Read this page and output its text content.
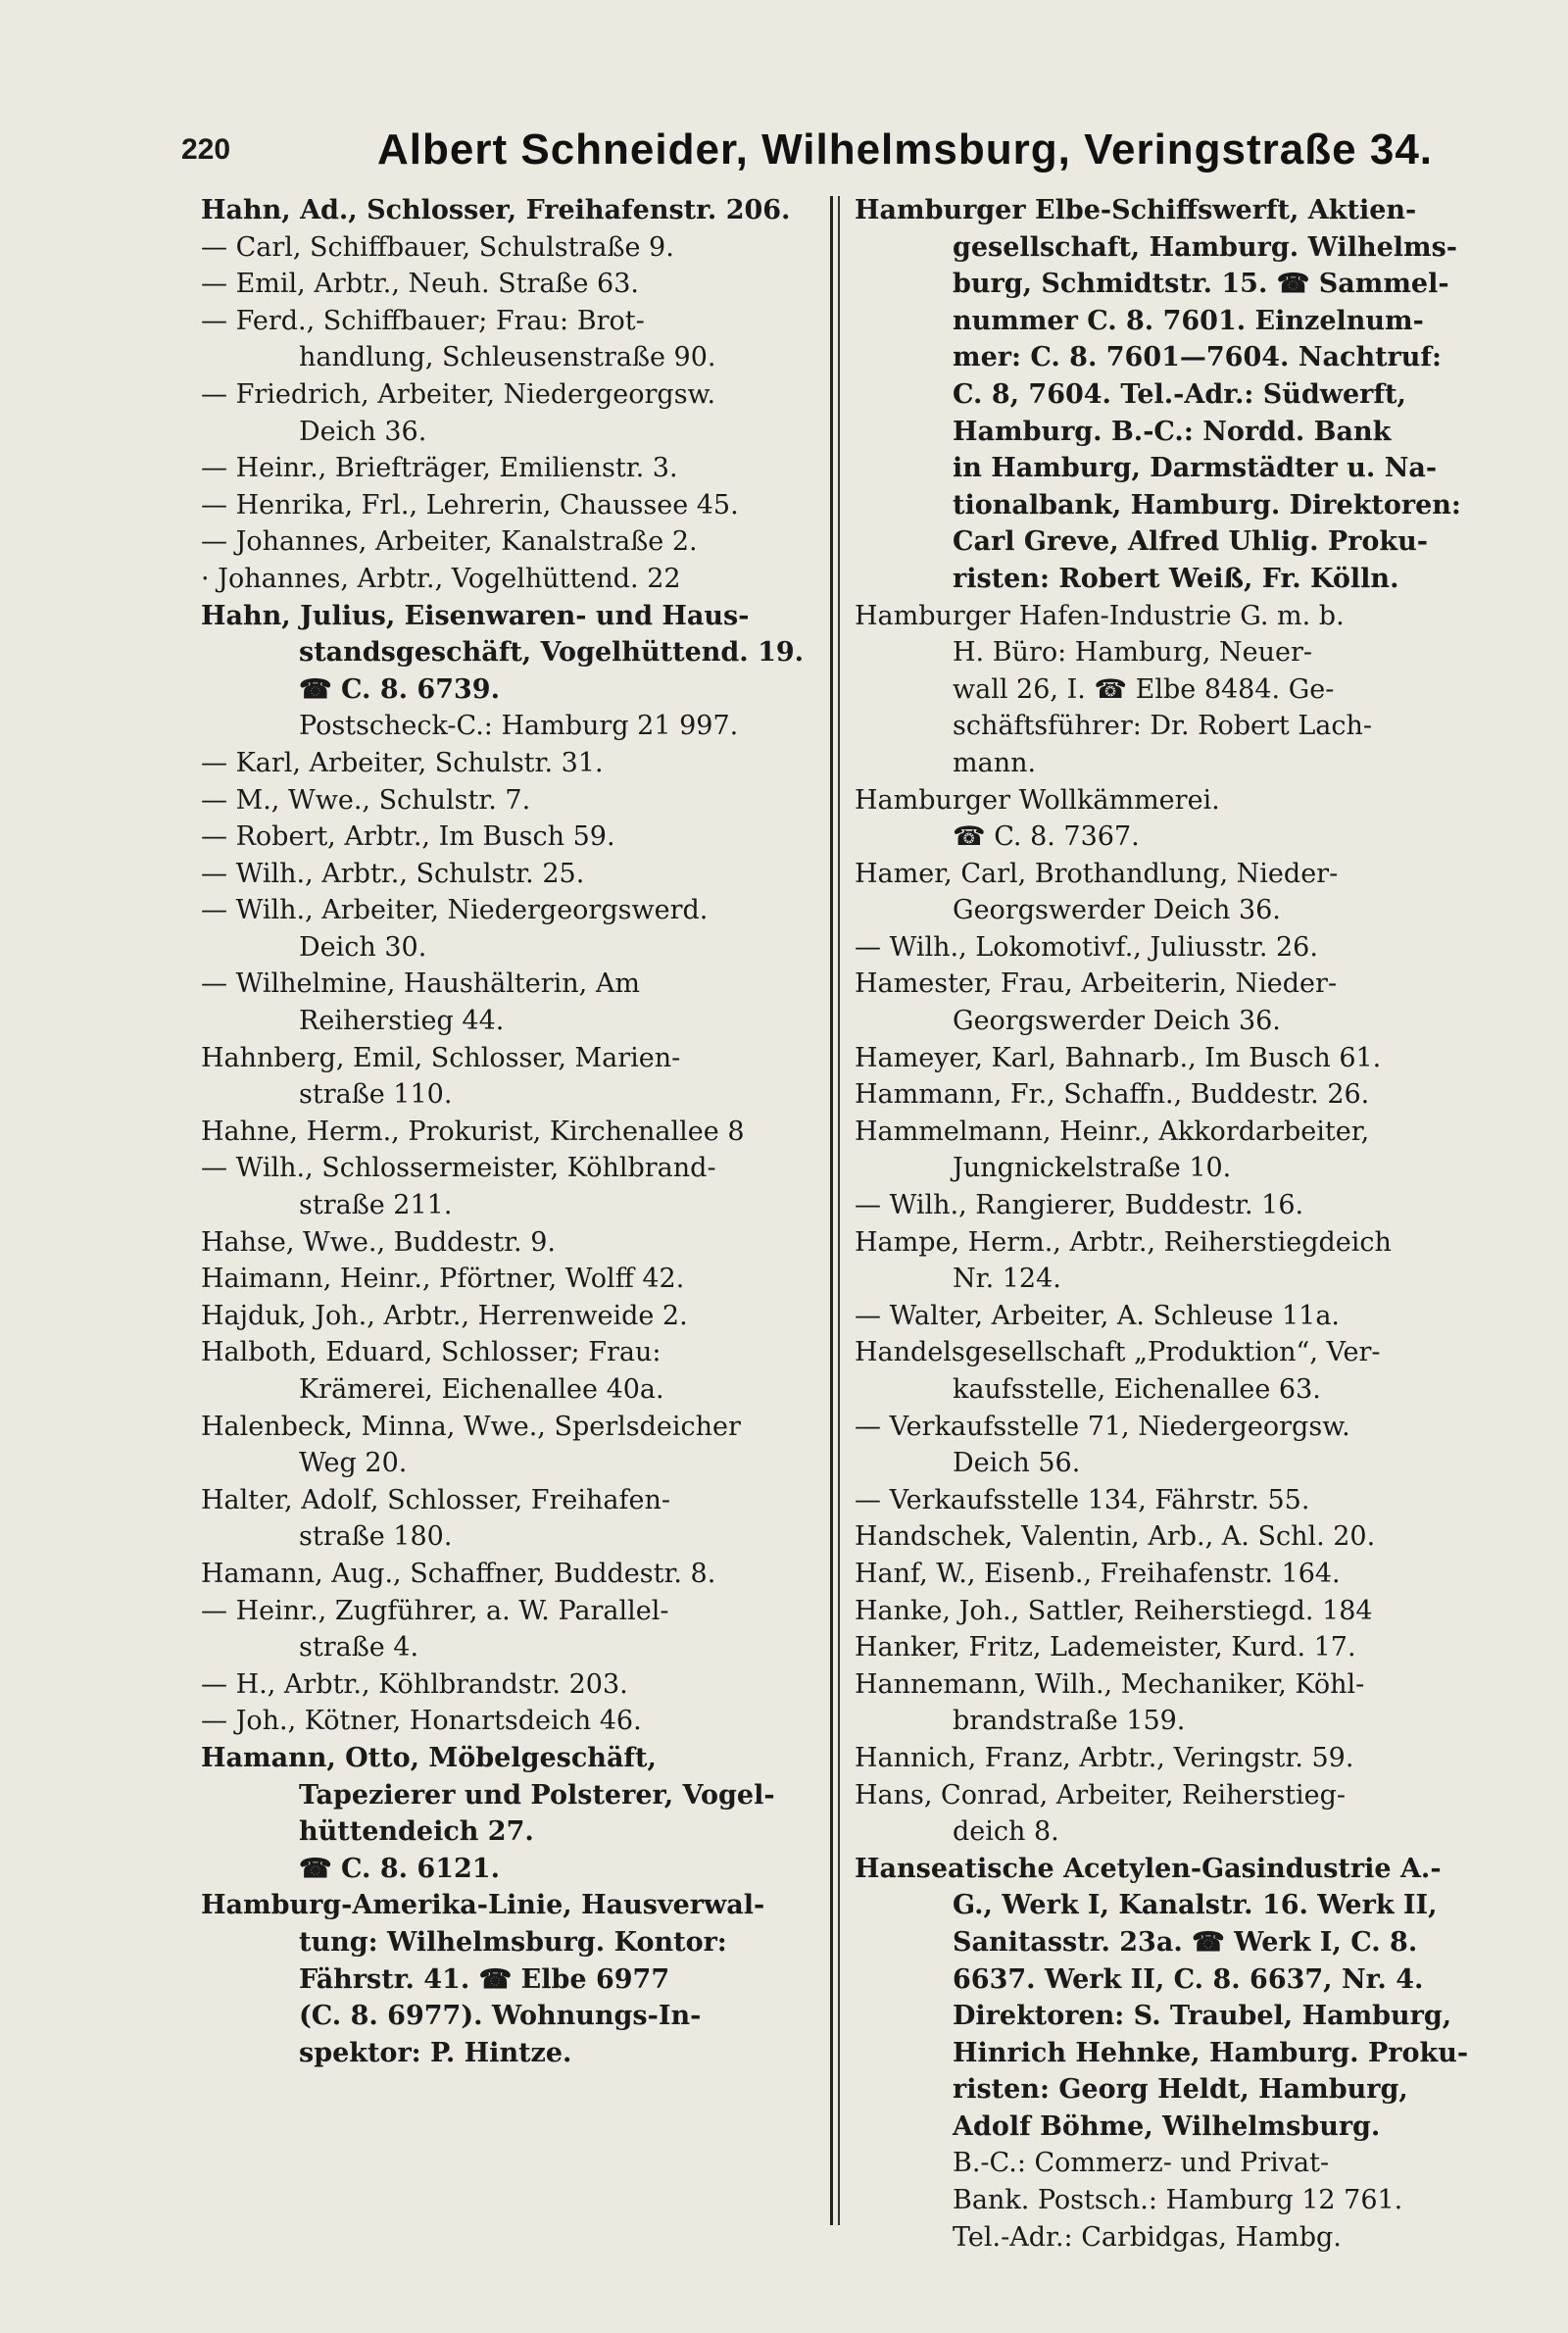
220	Albert Schneider, Wilhelmsburg, Veringstraße 34.
Hahn, Ad., Schlosser, Freihafenstr. 206.
— Carl, Schiffbauer, Schulstraße 9.
— Emil, Arbtr., Neuh. Straße 63.
— Ferd., Schiffbauer; Frau: Brot-
handlung, Schleusenstraße 90.
— Friedrich, Arbeiter, Niedergeorgsw.
Deich 36.
— Heinr., Briefträger, Emilienstr. 3.
— Henrika, Frl., Lehrerin, Chaussee 45.
— Johannes, Arbeiter, Kanalstraße 2.
· Johannes, Arbtr., Vogelhüttend. 22
Hahn, Julius, Eisenwaren- und Haus-
standsgeschäft, Vogelhüttend. 19.
☎ C. 8. 6739.
Postscheck-C.: Hamburg 21 997.
— Karl, Arbeiter, Schulstr. 31.
— M., Wwe., Schulstr. 7.
— Robert, Arbtr., Im Busch 59.
— Wilh., Arbtr., Schulstr. 25.
— Wilh., Arbeiter, Niedergeorgswerd.
Deich 30.
— Wilhelmine, Haushälterin, Am
Reiherstieg 44.
Hahnberg, Emil, Schlosser, Marien-
straße 110.
Hahne, Herm., Prokurist, Kirchenallee 8
— Wilh., Schlossermeister, Köhlbrand-
straße 211.
Hahse, Wwe., Buddestr. 9.
Haimann, Heinr., Pförtner, Wolff 42.
Hajduk, Joh., Arbtr., Herrenweide 2.
Halboth, Eduard, Schlosser; Frau:
Krämerei, Eichenallee 40a.
Halenbeck, Minna, Wwe., Sperlsdeicher
Weg 20.
Halter, Adolf, Schlosser, Freihafen-
straße 180.
Hamann, Aug., Schaffner, Buddestr. 8.
— Heinr., Zugführer, a. W. Parallel-
straße 4.
— H., Arbtr., Köhlbrandstr. 203.
— Joh., Kötner, Honartsdeich 46.
Hamann, Otto, Möbelgeschäft,
Tapezierer und Polsterer, Vogel-
hüttendeich 27.
☎ C. 8. 6121.
Hamburg-Amerika-Linie, Hausverwal-
tung: Wilhelmsburg. Kontor:
Fährstr. 41. ☎ Elbe 6977
(C. 8. 6977). Wohnungs-In-
spektor: P. Hintze.
Hamburger Elbe-Schiffswerft, Aktien-
gesellschaft, Hamburg. Wilhelms-
burg, Schmidtstr. 15. ☎ Sammel-
nummer C. 8. 7601. Einzelnum-
mer: C. 8. 7601—7604. Nachtruf:
C. 8, 7604. Tel.-Adr.: Südwerft,
Hamburg. B.-C.: Nordd. Bank
in Hamburg, Darmstädter u. Na-
tionalbank, Hamburg. Direktoren:
Carl Greve, Alfred Uhlig. Proku-
risten: Robert Weiß, Fr. Kölln.
Hamburger Hafen-Industrie G. m. b.
H. Büro: Hamburg, Neuer-
wall 26, I. ☎ Elbe 8484. Ge-
schäftsführer: Dr. Robert Lach-
mann.
Hamburger Wollkämmerei.
☎ C. 8. 7367.
Hamer, Carl, Brothandlung, Nieder-
Georgswerder Deich 36.
— Wilh., Lokomotivf., Juliusstr. 26.
Hamester, Frau, Arbeiterin, Nieder-
Georgswerder Deich 36.
Hameyer, Karl, Bahnarb., Im Busch 61.
Hammann, Fr., Schaffn., Buddestr. 26.
Hammelmann, Heinr., Akkordarbeiter,
Jungnickelstraße 10.
— Wilh., Rangierer, Buddestr. 16.
Hampe, Herm., Arbtr., Reiherstiegdeich
Nr. 124.
— Walter, Arbeiter, A. Schleuse 11a.
Handelsgesellschaft „Produktion“, Ver-
kaufsstelle, Eichenallee 63.
— Verkaufsstelle 71, Niedergeorgsw.
Deich 56.
— Verkaufsstelle 134, Fährstr. 55.
Handschek, Valentin, Arb., A. Schl. 20.
Hanf, W., Eisenb., Freihafenstr. 164.
Hanke, Joh., Sattler, Reiherstiegd. 184
Hanker, Fritz, Lademeister, Kurd. 17.
Hannemann, Wilh., Mechaniker, Köhl-
brandstraße 159.
Hannich, Franz, Arbtr., Veringstr. 59.
Hans, Conrad, Arbeiter, Reiherstieg-
deich 8.
Hanseatische Acetylen-Gasindustrie A.-
G., Werk I, Kanalstr. 16. Werk II,
Sanitasstr. 23a. ☎ Werk I, C. 8.
6637. Werk II, C. 8. 6637, Nr. 4.
Direktoren: S. Traubel, Hamburg,
Hinrich Hehnke, Hamburg. Proku-
risten: Georg Heldt, Hamburg,
Adolf Böhme, Wilhelmsburg.
B.-C.: Commerz- und Privat-
Bank. Postsch.: Hamburg 12 761.
Tel.-Adr.: Carbidgas, Hambg.
